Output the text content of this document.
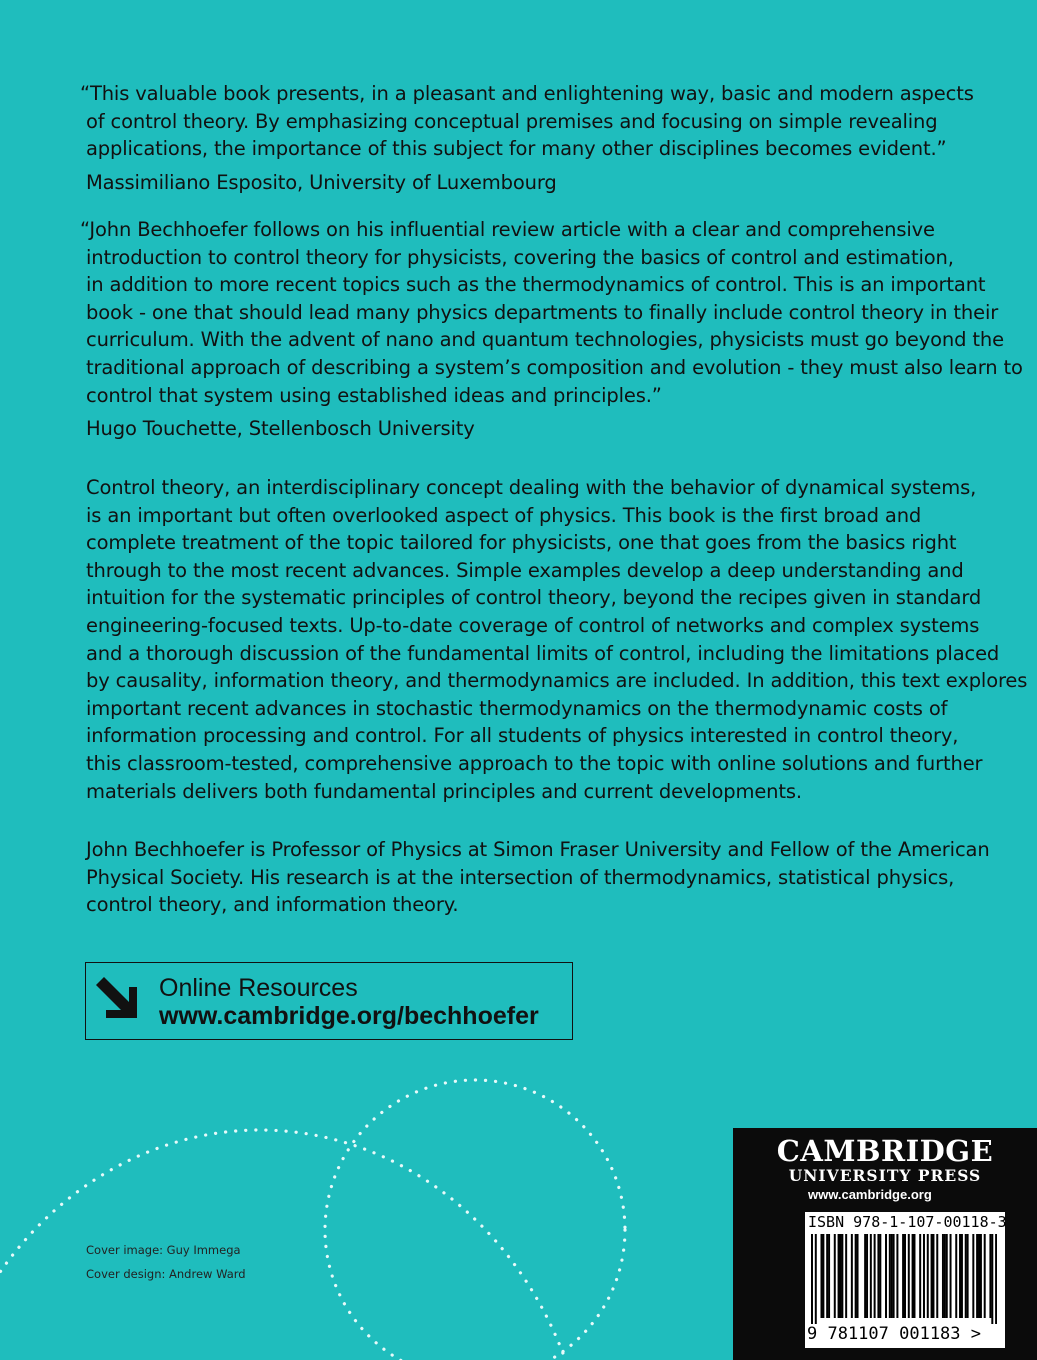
“This valuable book presents, in a pleasant and enlightening way, basic and modern aspects

of control theory. By emphasizing conceptual premises and focusing on simple revealing

applications, the importance of this subject for many other disciplines becomes evident.”

Massimiliano Esposito, University of Luxembourg

“John Bechhoefer follows on his influential review article with a clear and comprehensive

introduction to control theory for physicists, covering the basics of control and estimation,

in addition to more recent topics such as the thermodynamics of control. This is an important

book - one that should lead many physics departments to finally include control theory in their

curriculum. With the advent of nano and quantum technologies, physicists must go beyond the

traditional approach of describing a system’s composition and evolution - they must also learn to

control that system using established ideas and principles.”

Hugo Touchette, Stellenbosch University

Control theory, an interdisciplinary concept dealing with the behavior of dynamical systems,

is an important but often overlooked aspect of physics. This book is the first broad and

complete treatment of the topic tailored for physicists, one that goes from the basics right

through to the most recent advances. Simple examples develop a deep understanding and

intuition for the systematic principles of control theory, beyond the recipes given in standard

engineering-focused texts. Up-to-date coverage of control of networks and complex systems

and a thorough discussion of the fundamental limits of control, including the limitations placed

by causality, information theory, and thermodynamics are included. In addition, this text explores

important recent advances in stochastic thermodynamics on the thermodynamic costs of

information processing and control. For all students of physics interested in control theory,

this classroom-tested, comprehensive approach to the topic with online solutions and further

materials delivers both fundamental principles and current developments.

John Bechhoefer is Professor of Physics at Simon Fraser University and Fellow of the American

Physical Society. His research is at the intersection of thermodynamics, statistical physics,

control theory, and information theory.

Online Resources
www.cambridge.org/bechhoefer
Cover image: Guy Immega
Cover design: Andrew Ward
CAMBRIDGE
UNIVERSITY PRESS
www.cambridge.org
ISBN 978-1-107-00118-3
9 781107 001183 >
